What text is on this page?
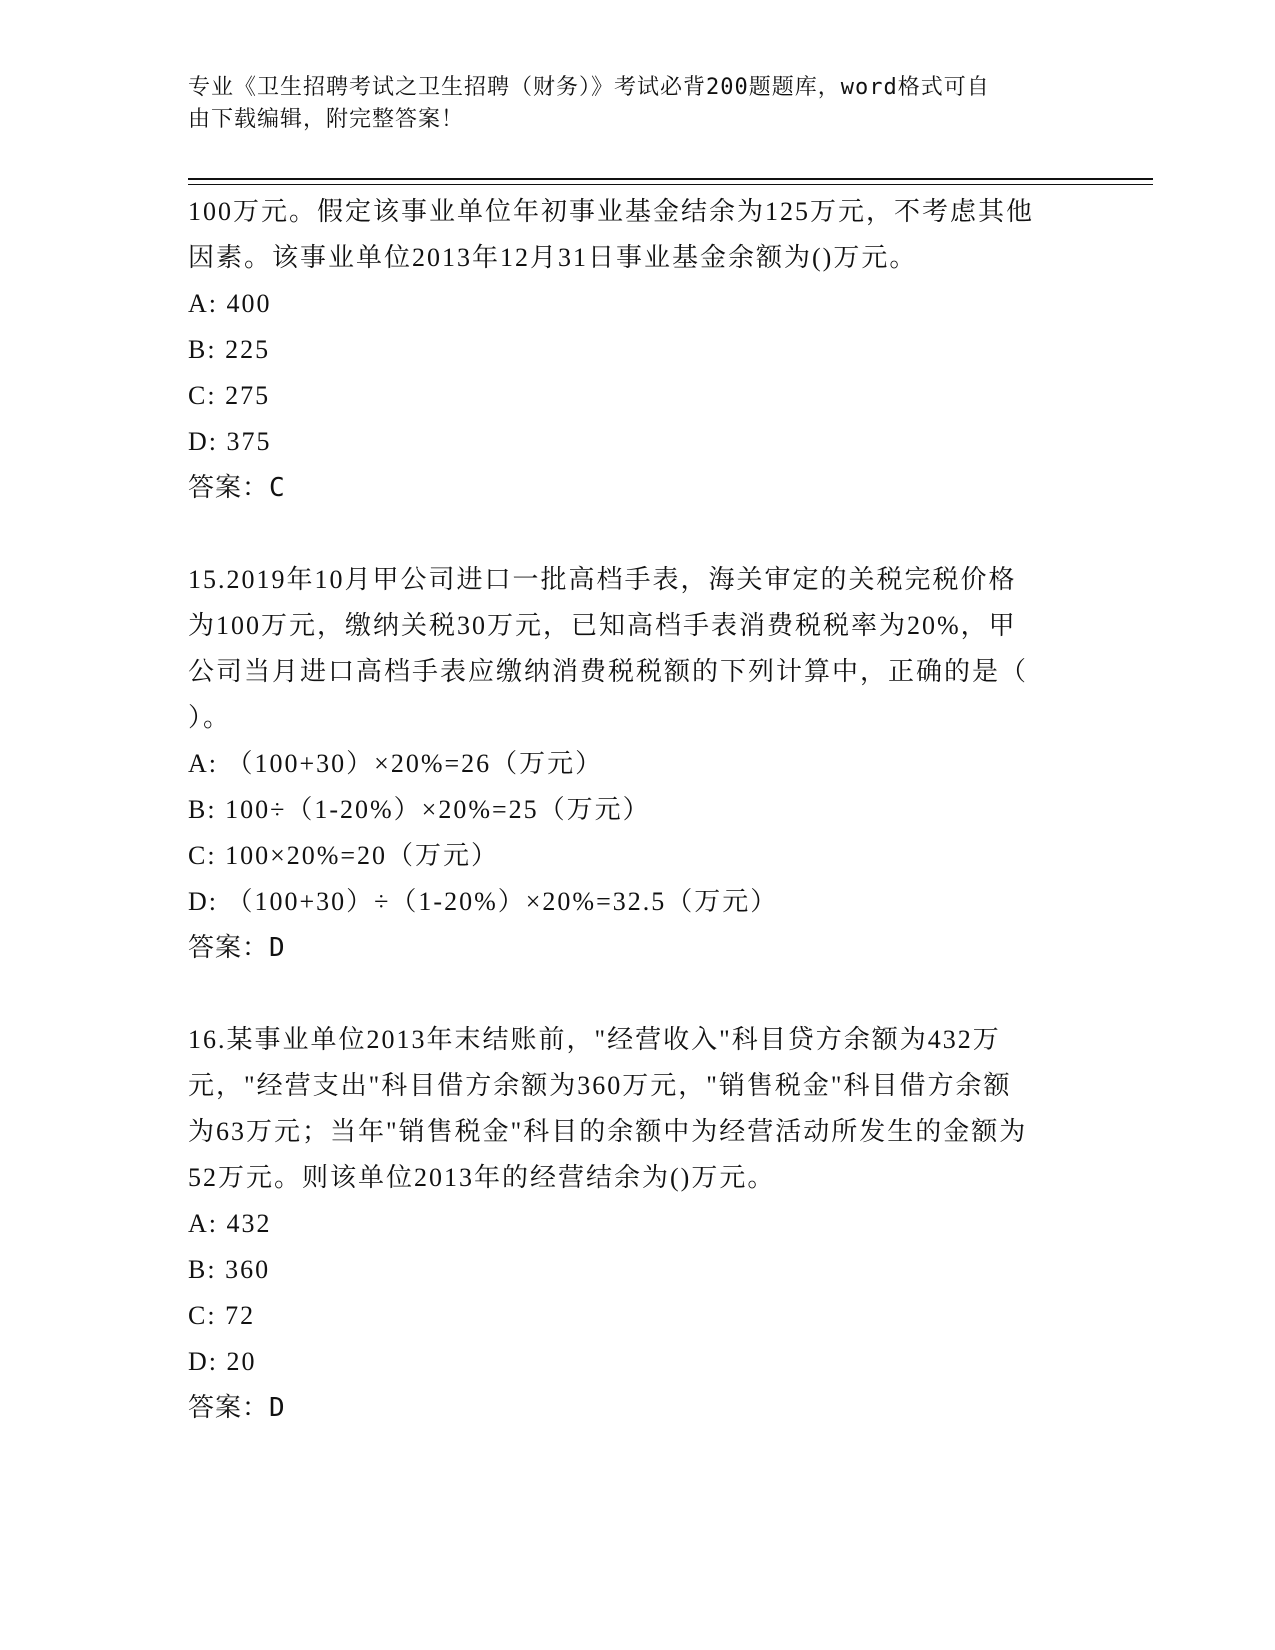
专业《卫生招聘考试之卫生招聘（财务）》考试必背200题题库，word格式可自
由下载编辑，附完整答案！
100万元。假定该事业单位年初事业基金结余为125万元，不考虑其他
因素。该事业单位2013年12月31日事业基金余额为()万元。
A: 400
B: 225
C: 275
D: 375
答案：C
15.2019年10月甲公司进口一批高档手表，海关审定的关税完税价格
为100万元，缴纳关税30万元，已知高档手表消费税税率为20%，甲
公司当月进口高档手表应缴纳消费税税额的下列计算中，正确的是（
）。
A: （100+30）×20%=26（万元）
B: 100÷（1-20%）×20%=25（万元）
C: 100×20%=20（万元）
D: （100+30）÷（1-20%）×20%=32.5（万元）
答案：D
16.某事业单位2013年末结账前，"经营收入"科目贷方余额为432万
元，"经营支出"科目借方余额为360万元，"销售税金"科目借方余额
为63万元；当年"销售税金"科目的余额中为经营活动所发生的金额为
52万元。则该单位2013年的经营结余为()万元。
A: 432
B: 360
C: 72
D: 20
答案：D
